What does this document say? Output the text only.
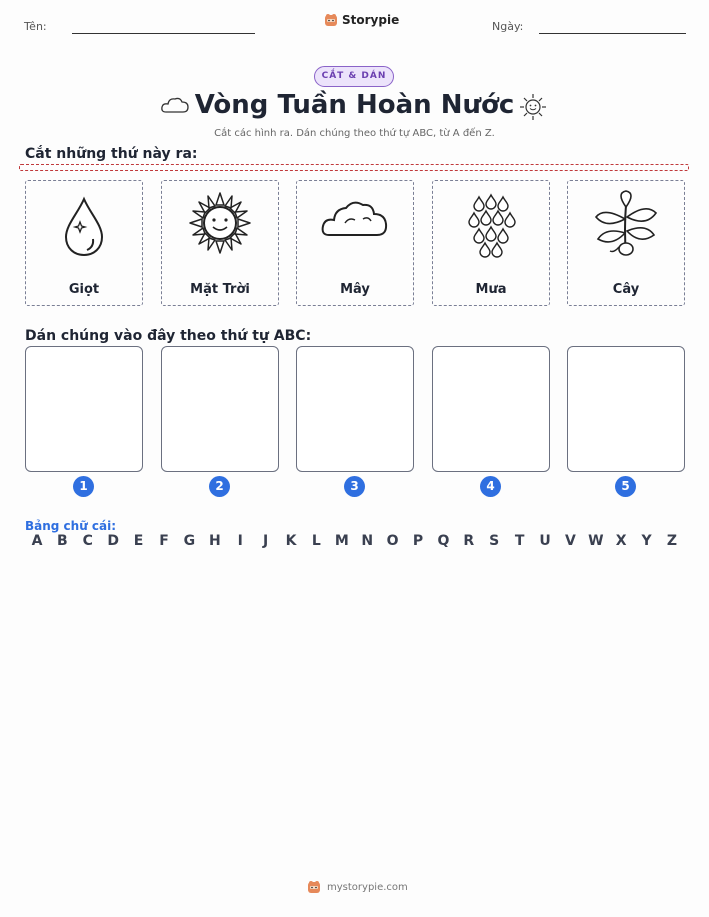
Tên:	Storypie	Ngày:
CẮT & DÁN
Vòng Tuần Hoàn Nước
Cắt các hình ra. Dán chúng theo thứ tự ABC, từ A đến Z.
Cắt những thứ này ra:
Giọt	Mặt Trời	Mây	Mưa	Cây
Dán chúng vào đây theo thứ tự ABC:
1	2	3	4	5
Bảng chữ cái:
A	B	C	D	E	F	G H	I	J	K	L M N O	P	Q	R	S	T	U	V W X	Y	Z
mystorypie.com
